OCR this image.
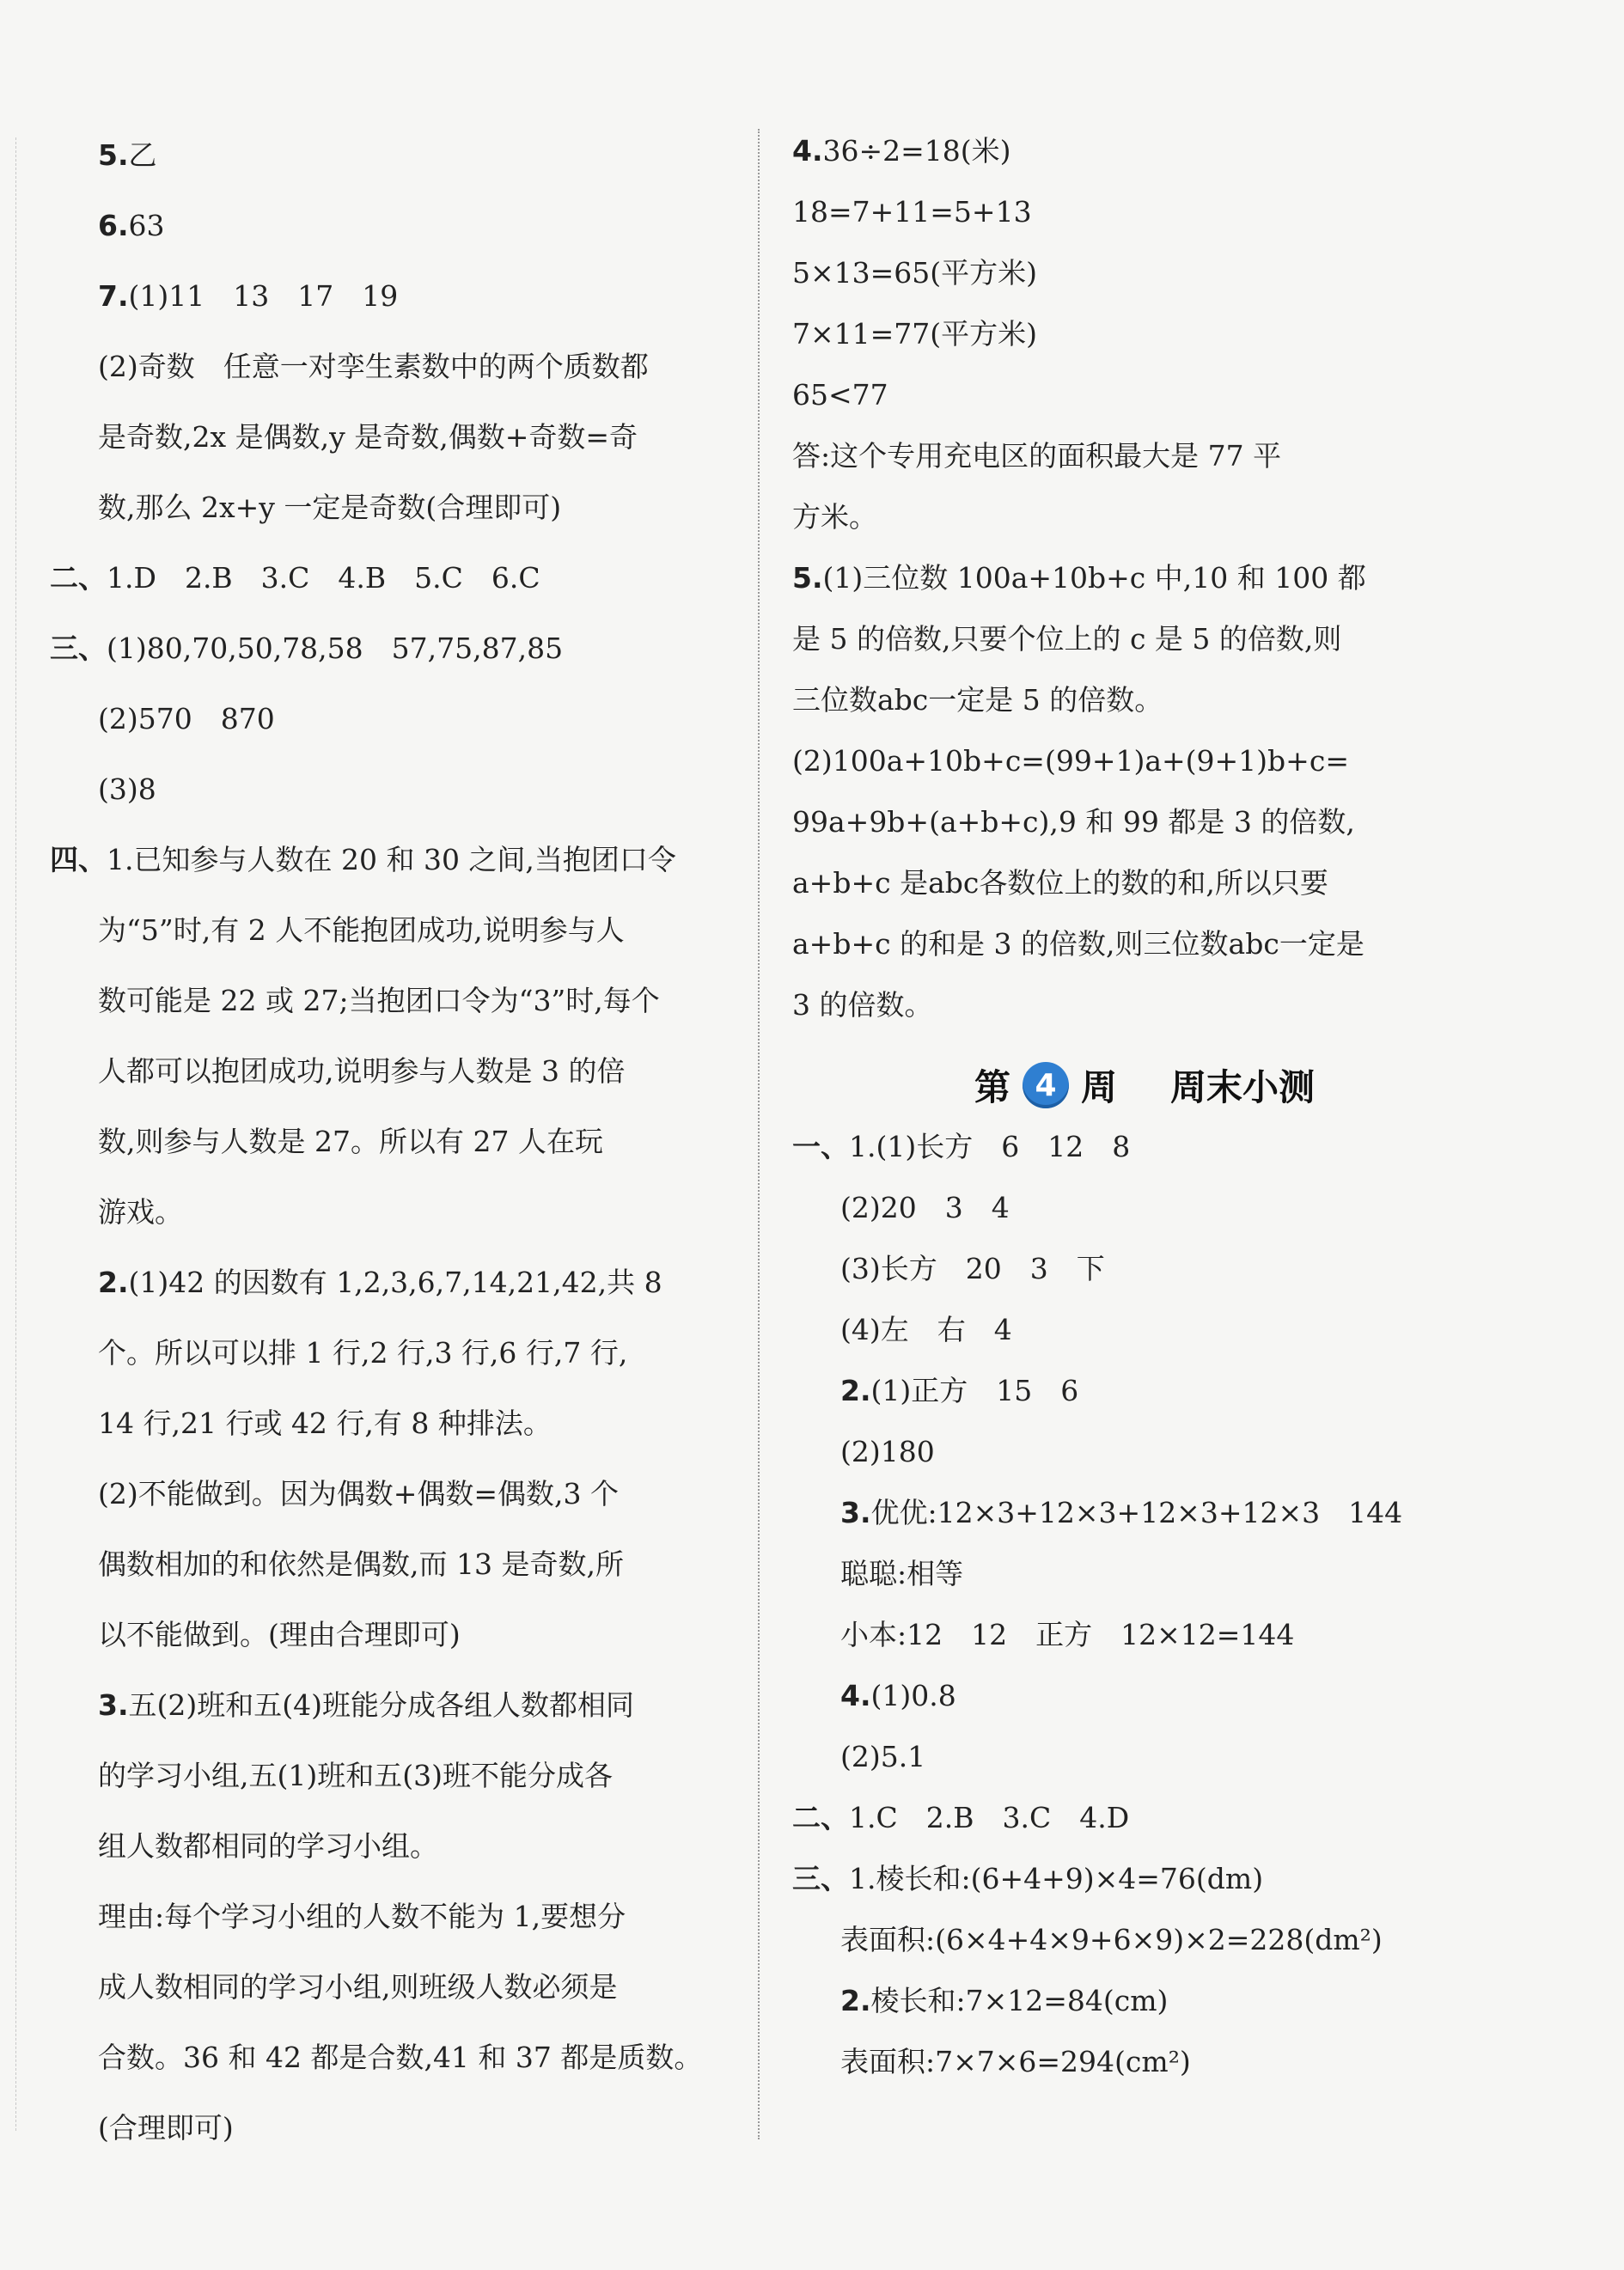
5.乙
6.63
7.(1)11　13　17　19
(2)奇数　任意一对孪生素数中的两个质数都
是奇数,2x 是偶数,y 是奇数,偶数+奇数=奇
数,那么 2x+y 一定是奇数(合理即可)
二、1.D　2.B　3.C　4.B　5.C　6.C
三、(1)80,70,50,78,58　57,75,87,85
(2)570　870
(3)8
四、1.已知参与人数在 20 和 30 之间,当抱团口令
为“5”时,有 2 人不能抱团成功,说明参与人
数可能是 22 或 27;当抱团口令为“3”时,每个
人都可以抱团成功,说明参与人数是 3 的倍
数,则参与人数是 27。所以有 27 人在玩
游戏。
2.(1)42 的因数有 1,2,3,6,7,14,21,42,共 8
个。所以可以排 1 行,2 行,3 行,6 行,7 行,
14 行,21 行或 42 行,有 8 种排法。
(2)不能做到。因为偶数+偶数=偶数,3 个
偶数相加的和依然是偶数,而 13 是奇数,所
以不能做到。(理由合理即可)
3.五(2)班和五(4)班能分成各组人数都相同
的学习小组,五(1)班和五(3)班不能分成各
组人数都相同的学习小组。
理由:每个学习小组的人数不能为 1,要想分
成人数相同的学习小组,则班级人数必须是
合数。36 和 42 都是合数,41 和 37 都是质数。
(合理即可)
4.36÷2=18(米)
18=7+11=5+13
5×13=65(平方米)
7×11=77(平方米)
65<77
答:这个专用充电区的面积最大是 77 平
方米。
5.(1)三位数 100a+10b+c 中,10 和 100 都
是 5 的倍数,只要个位上的 c 是 5 的倍数,则
三位数abc一定是 5 的倍数。
(2)100a+10b+c=(99+1)a+(9+1)b+c=
99a+9b+(a+b+c),9 和 99 都是 3 的倍数,
a+b+c 是abc各数位上的数的和,所以只要
a+b+c 的和是 3 的倍数,则三位数abc一定是
3 的倍数。
第 4 周 周末小测
一、1.(1)长方　6　12　8
(2)20　3　4
(3)长方　20　3　下
(4)左　右　4
2.(1)正方　15　6
(2)180
3.优优:12×3+12×3+12×3+12×3　144
聪聪:相等
小本:12　12　正方　12×12=144
4.(1)0.8
(2)5.1
二、1.C　2.B　3.C　4.D
三、1.棱长和:(6+4+9)×4=76(dm)
表面积:(6×4+4×9+6×9)×2=228(dm²)
2.棱长和:7×12=84(cm)
表面积:7×7×6=294(cm²)
